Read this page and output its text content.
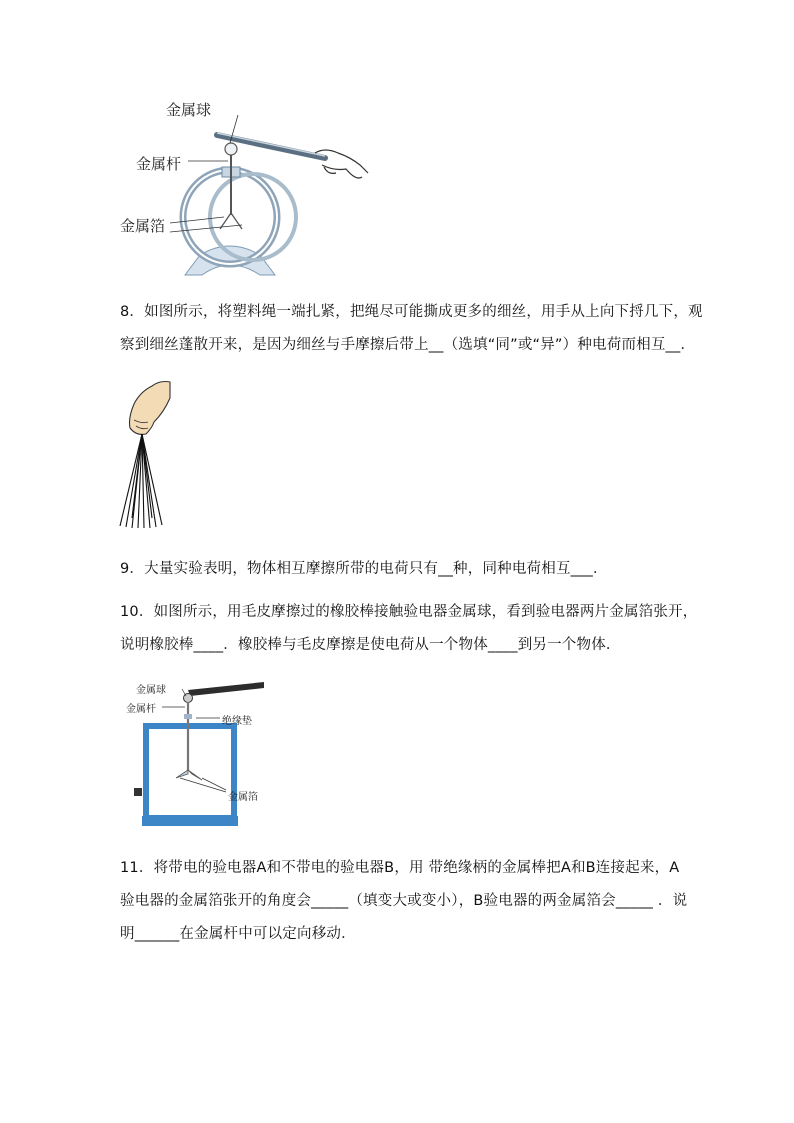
金属球
金属杆
金属箔
8．如图所示，将塑料绳一端扎紧，把绳尽可能撕成更多的细丝，用手从上向下捋几下，观
察到细丝蓬散开来，是因为细丝与手摩擦后带上__（选填“同”或“异”）种电荷而相互__．
9．大量实验表明，物体相互摩擦所带的电荷只有__种，同种电荷相互___．
10．如图所示，用毛皮摩擦过的橡胶棒接触验电器金属球，看到验电器两片金属箔张开，
说明橡胶棒____．橡胶棒与毛皮摩擦是使电荷从一个物体____到另一个物体．
金属球
金属杆
绝缘垫
金属箔
11．将带电的验电器A和不带电的验电器B，用 带绝缘柄的金属棒把A和B连接起来，A
验电器的金属箔张开的角度会_____（填变大或变小），B验电器的两金属箔会_____ ．说
明______在金属杆中可以定向移动．
